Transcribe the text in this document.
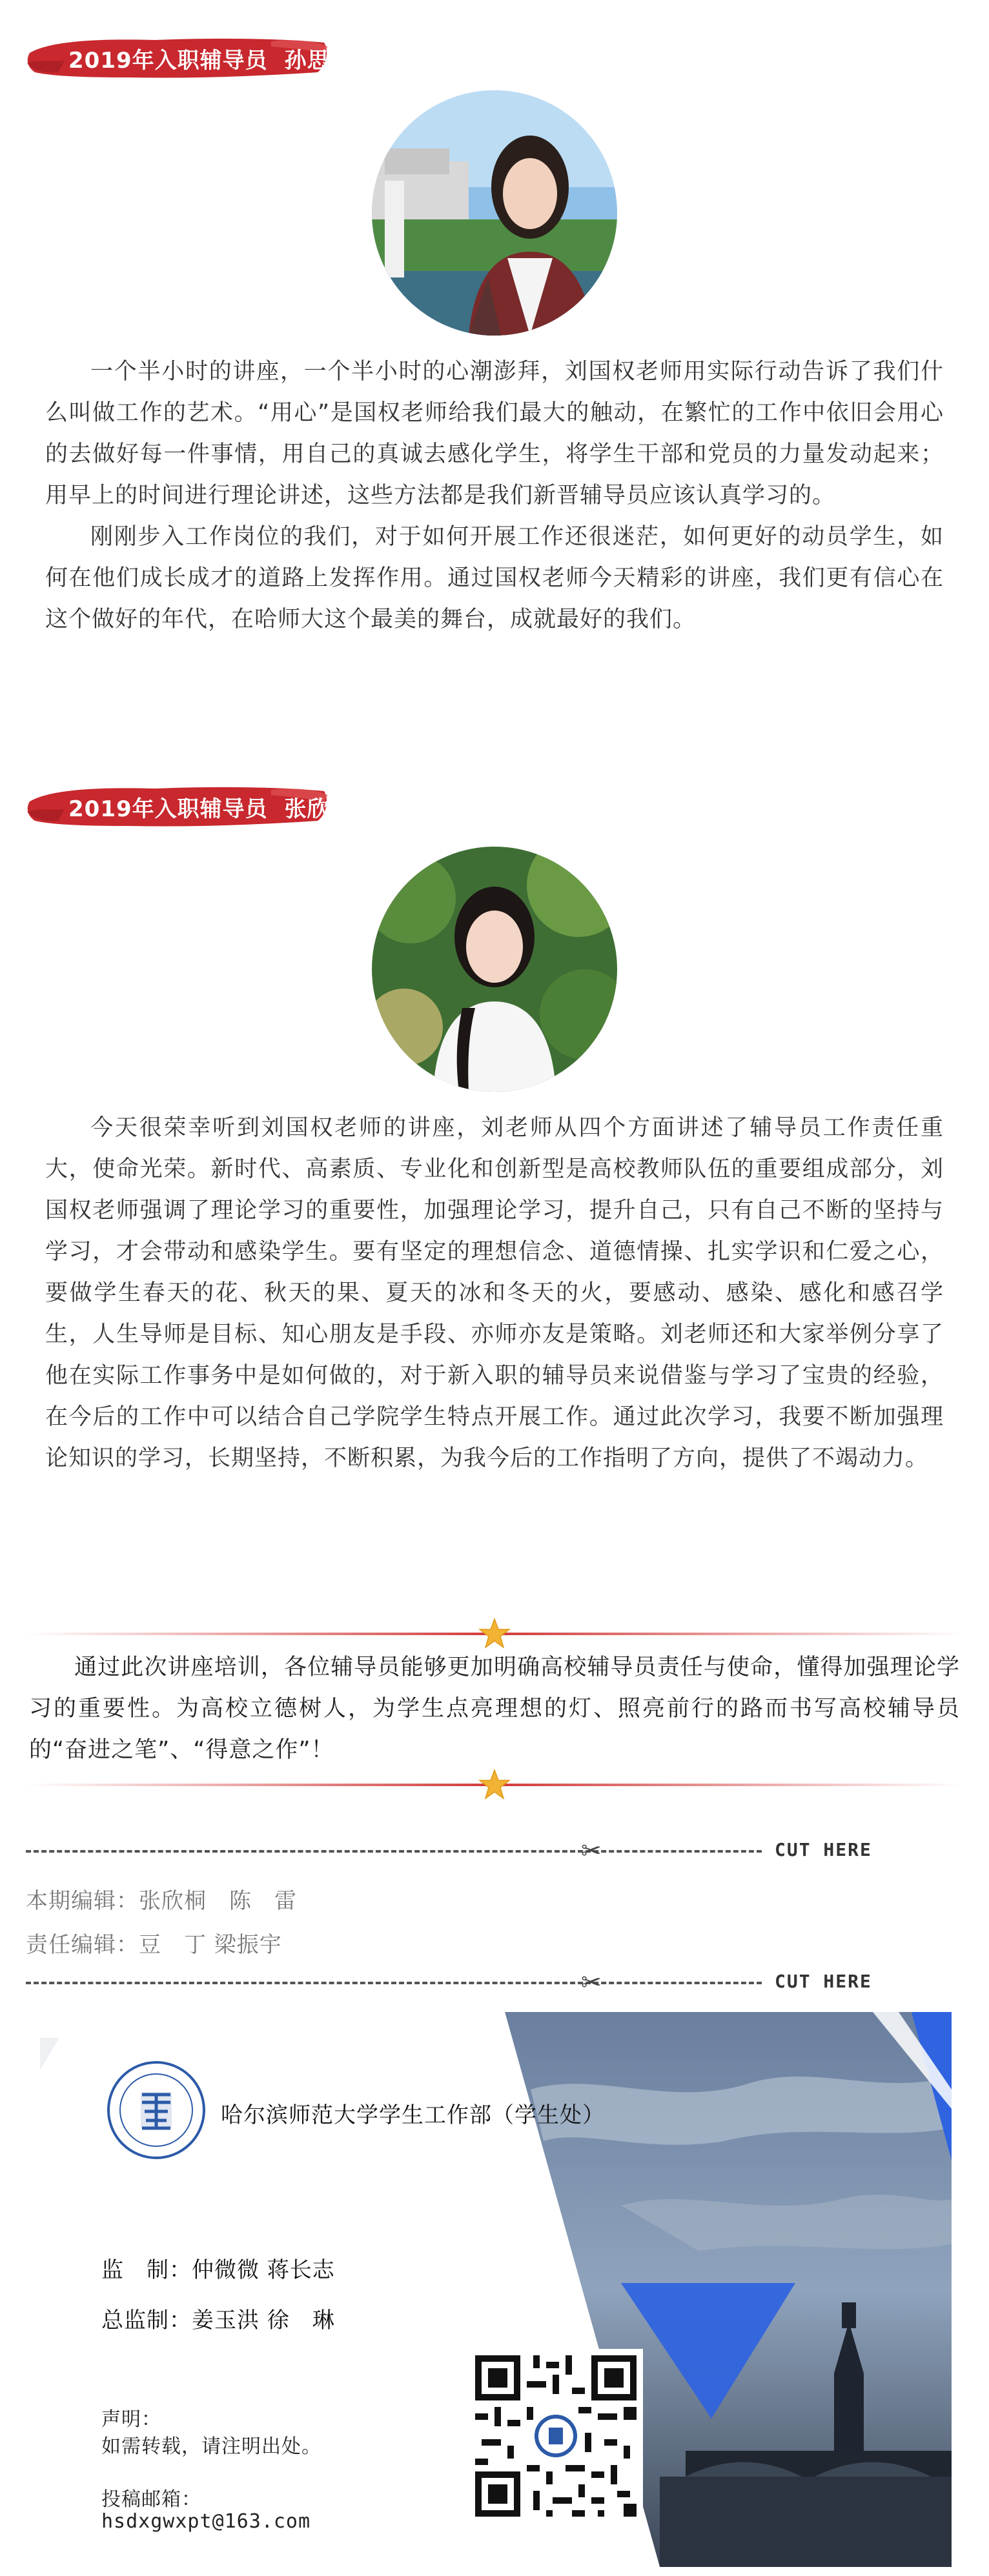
2019年入职辅导员 孙思涵

一个半小时的讲座，一个半小时的心潮澎拜，刘国权老师用实际行动告诉了我们什么叫做工作的艺术。“用心”是国权老师给我们最大的触动，在繁忙的工作中依旧会用心的去做好每一件事情，用自己的真诚去感化学生，将学生干部和党员的力量发动起来；用早上的时间进行理论讲述，这些方法都是我们新晋辅导员应该认真学习的。

刚刚步入工作岗位的我们，对于如何开展工作还很迷茫，如何更好的动员学生，如何在他们成长成才的道路上发挥作用。通过国权老师今天精彩的讲座，我们更有信心在这个做好的年代，在哈师大这个最美的舞台，成就最好的我们。

2019年入职辅导员 张欣桐

今天很荣幸听到刘国权老师的讲座，刘老师从四个方面讲述了辅导员工作责任重大，使命光荣。新时代、高素质、专业化和创新型是高校教师队伍的重要组成部分，刘国权老师强调了理论学习的重要性，加强理论学习，提升自己，只有自己不断的坚持与学习，才会带动和感染学生。要有坚定的理想信念、道德情操、扎实学识和仁爱之心，要做学生春天的花、秋天的果、夏天的冰和冬天的火，要感动、感染、感化和感召学生，人生导师是目标、知心朋友是手段、亦师亦友是策略。刘老师还和大家举例分享了他在实际工作事务中是如何做的，对于新入职的辅导员来说借鉴与学习了宝贵的经验，在今后的工作中可以结合自己学院学生特点开展工作。通过此次学习，我要不断加强理论知识的学习，长期坚持，不断积累，为我今后的工作指明了方向，提供了不竭动力。

通过此次讲座培训，各位辅导员能够更加明确高校辅导员责任与使命，懂得加强理论学习的重要性。为高校立德树人，为学生点亮理想的灯、照亮前行的路而书写高校辅导员的“奋进之笔”、“得意之作”！

✂	CUT HERE
本期编辑：张欣桐　陈　雷
责任编辑：豆　丁 梁振宇
✂	CUT HERE
哈尔滨师范大学学生工作部（学生处）
监　制：仲微微 蒋长志
总监制：姜玉洪 徐　琳
声明：
如需转载，请注明出处。
投稿邮箱：
hsdxgwxpt@163.com
